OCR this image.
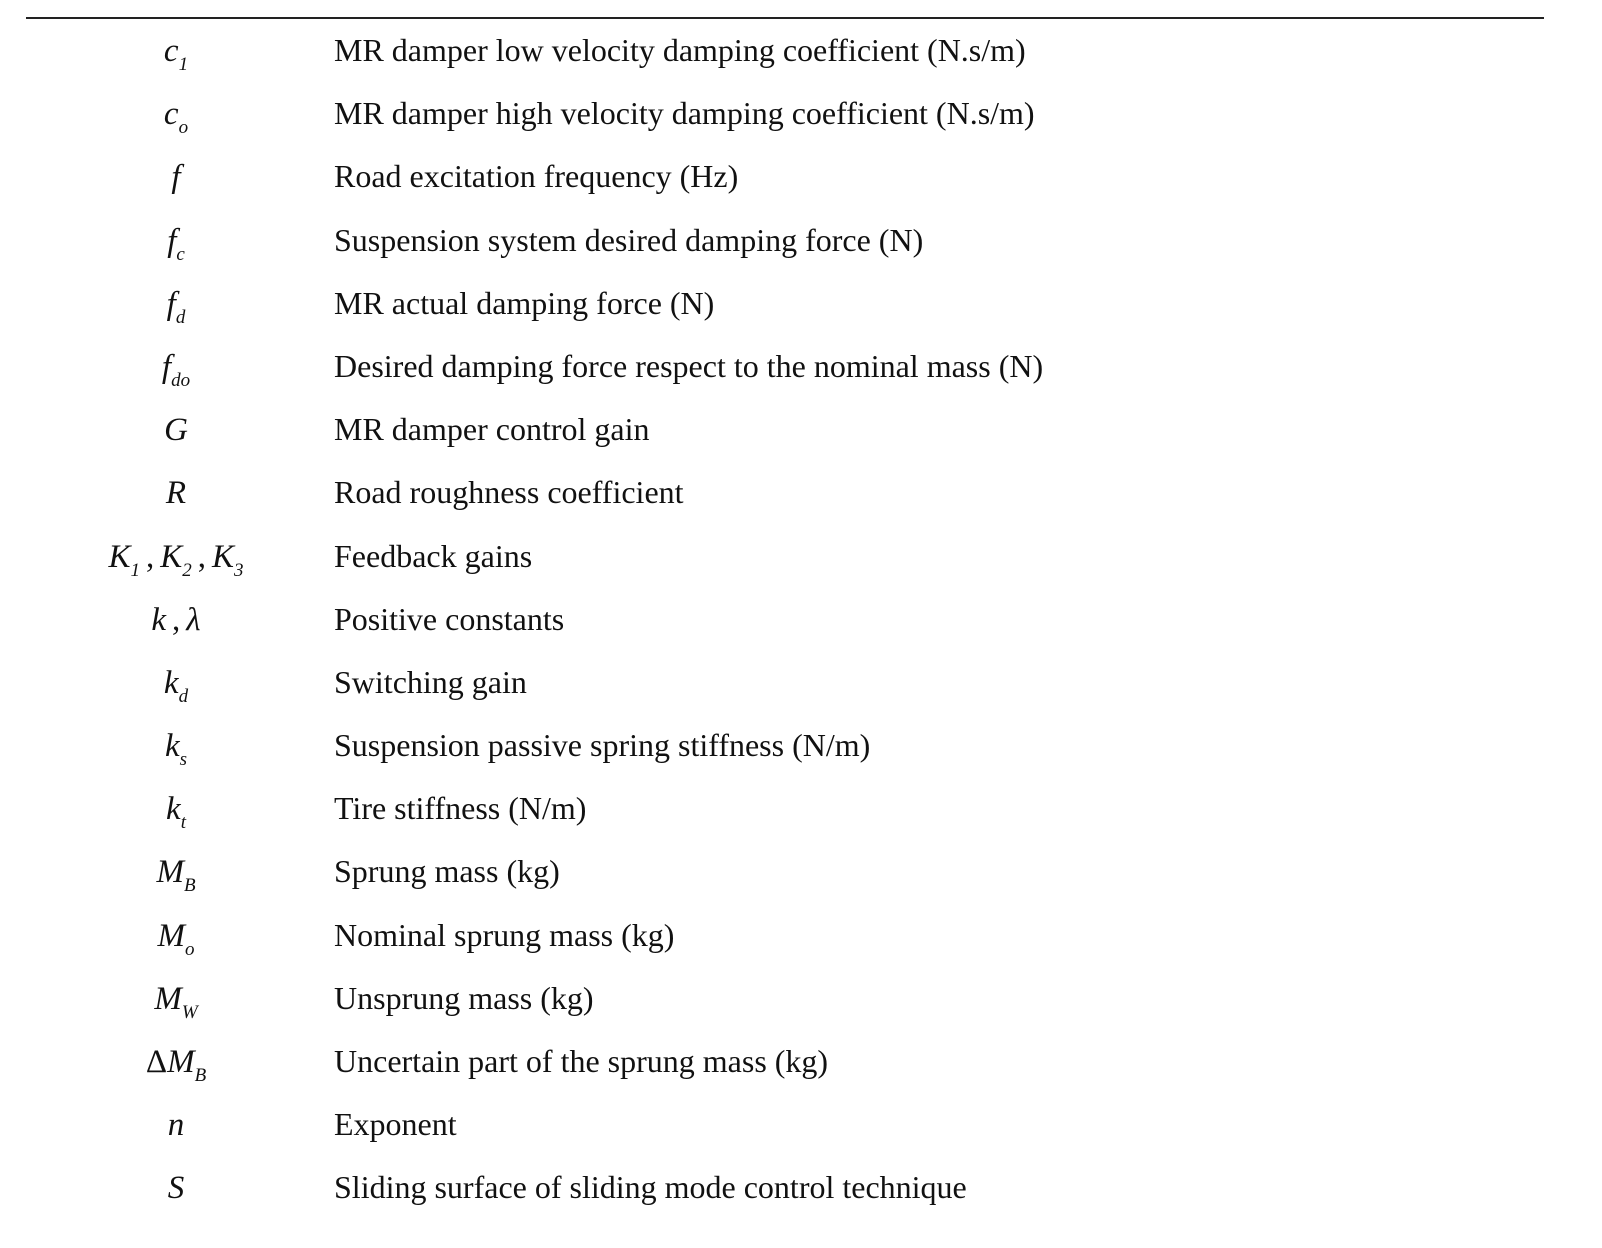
$c_1$	MR damper low velocity damping coefficient (N.s/m)
$c_o$	MR damper high velocity damping coefficient (N.s/m)
f	Road excitation frequency (Hz)
$f_c$	Suspension system desired damping force (N)
$f_d$	MR actual damping force (N)
$f_{do}$	Desired damping force respect to the nominal mass (N)
G	MR damper control gain
R	Road roughness coefficient
$K_1$ , $K_2$ , $K_3$	Feedback gains
k , λ	Positive constants
$k_d$	Switching gain
$k_s$	Suspension passive spring stiffness (N/m)
$k_t$	Tire stiffness (N/m)
$M_B$	Sprung mass (kg)
$M_o$	Nominal sprung mass (kg)
$M_W$	Unsprung mass (kg)
$\Delta M_B$	Uncertain part of the sprung mass (kg)
n	Exponent
S	Sliding surface of sliding mode control technique
